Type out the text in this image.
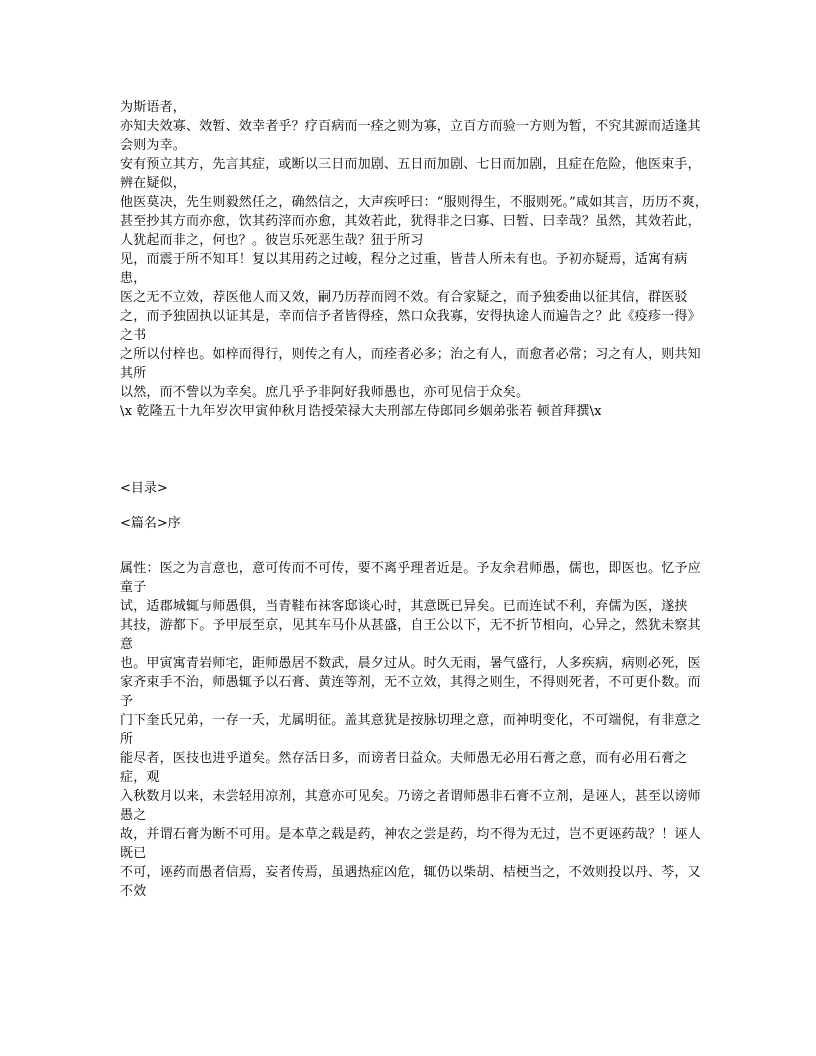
为斯语者，

亦知夫效寡、效暂、效幸者乎？疗百病而一痊之则为寡，立百方而验一方则为暂，不究其源而适逢其会则为幸。

安有预立其方，先言其症，或断以三日而加剧、五日而加剧、七日而加剧，且症在危险，他医束手，辨在疑似，

他医莫决，先生则毅然任之，确然信之，大声疾呼曰：“服则得生，不服则死。”咸如其言，历历不爽，

甚至抄其方而亦愈，饮其药滓而亦愈，其效若此，犹得非之曰寡、曰暂、曰幸哉？虽然，其效若此，

人犹起而非之，何也？。彼岂乐死恶生哉？狃于所习

见，而震于所不知耳！复以其用药之过峻，程分之过重，皆昔人所未有也。予初亦疑焉，适寓有病患，

医之无不立效，荐医他人而又效，嗣乃历荐而罔不效。有合家疑之，而予独委曲以征其信，群医驳

之，而予独固执以证其是，幸而信予者皆得痊，然口众我寡，安得执途人而遍告之？此《疫疹一得》之书

之所以付梓也。如梓而得行，则传之有人，而痊者必多；治之有人，而愈者必常；习之有人，则共知其所

以然，而不訾以为幸矣。庶几乎予非阿好我师愚也，亦可见信于众矣。

\x 乾隆五十九年岁次甲寅仲秋月诰授荣禄大夫刑部左侍郎同乡姻弟张若 顿首拜撰\x

<目录>

<篇名>序

属性：医之为言意也，意可传而不可传，要不离乎理者近是。予友余君师愚，儒也，即医也。忆予应童子

试，适郡城辄与师愚俱，当青鞋布袜客邸谈心时，其意既已异矣。已而连试不利，弃儒为医，遂挟

其技，游都下。予甲辰至京，见其车马仆从甚盛，自王公以下，无不折节相向，心异之，然犹未察其意

也。甲寅寓青岩师宅，距师愚居不数武，晨夕过从。时久无雨，暑气盛行，人多疾病，病则必死，医

家齐束手不治，师愚辄予以石膏、黄连等剂，无不立效，其得之则生，不得则死者，不可更仆数。而予

门下奎氏兄弟，一存一夭，尤属明征。盖其意犹是按脉切理之意，而神明变化，不可端倪，有非意之所

能尽者，医技也进乎道矣。然存活日多，而谤者日益众。夫师愚无必用石膏之意，而有必用石膏之症，观

入秋数月以来，未尝轻用凉剂，其意亦可见矣。乃谤之者谓师愚非石膏不立剂，是诬人，甚至以谤师愚之

故，并谓石膏为断不可用。是本草之载是药，神农之尝是药，均不得为无过，岂不更诬药哉？！诬人既已

不可，诬药而愚者信焉，妄者传焉，虽遇热症凶危，辄仍以柴胡、桔梗当之，不效则投以丹、芩，又不效
